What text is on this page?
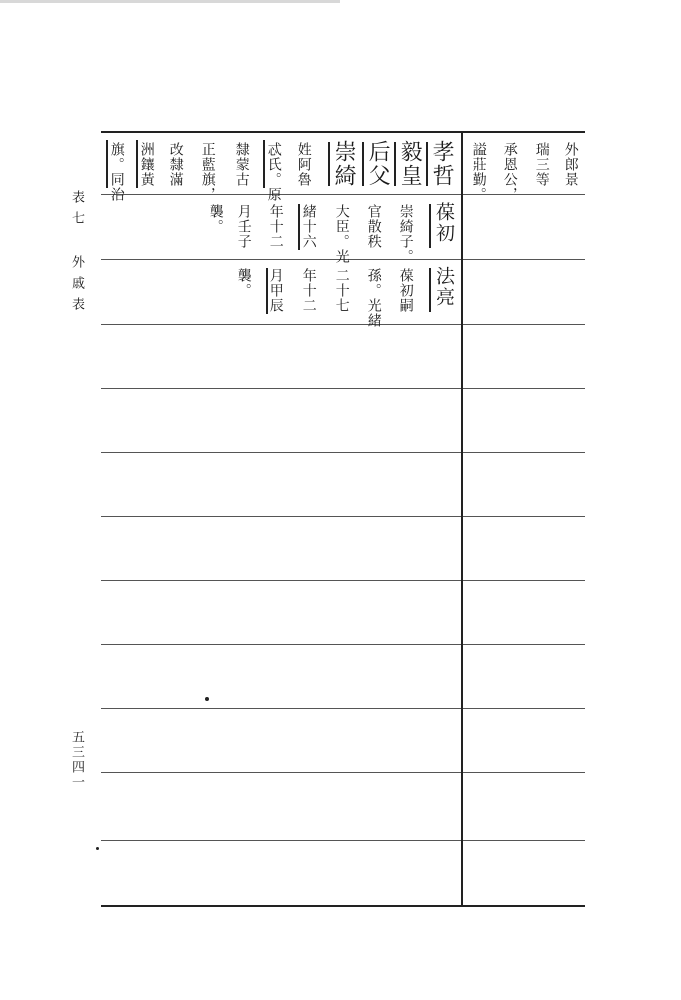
表七
外戚表
五三四一
外郎景
瑞三等
承恩公，
謚莊勤。
孝哲
毅皇
后父
崇綺
姓阿魯
忒氏。原
隸蒙古
正藍旗，
改隸滿
洲鑲黃
旗。同治
葆初
崇綺子。
官散秩
大臣。光
緒十六
年十二
月壬子
襲。
法亮
葆初嗣
孫。光緒
二十七
年十二
月甲辰
襲。
